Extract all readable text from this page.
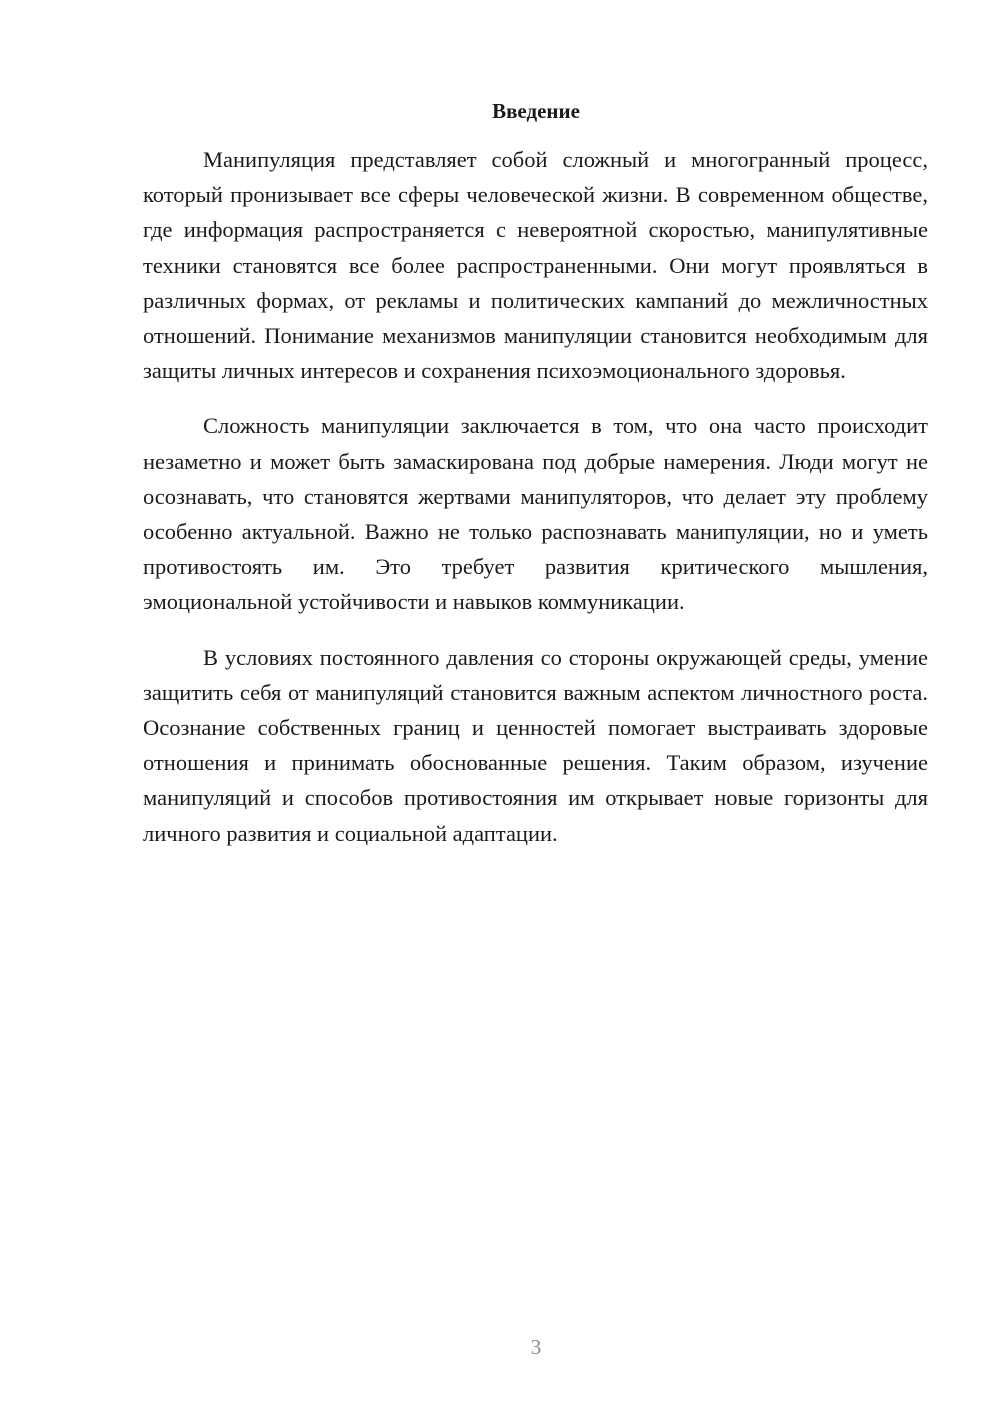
Введение

Манипуляция представляет собой сложный и многогранный процесс, который пронизывает все сферы человеческой жизни. В современном обществе, где информация распространяется с невероятной скоростью, манипулятивные техники становятся все более распространенными. Они могут проявляться в различных формах, от рекламы и политических кампаний до межличностных отношений. Понимание механизмов манипуляции становится необходимым для защиты личных интересов и сохранения психоэмоционального здоровья.

Сложность манипуляции заключается в том, что она часто происходит незаметно и может быть замаскирована под добрые намерения. Люди могут не осознавать, что становятся жертвами манипуляторов, что делает эту проблему особенно актуальной. Важно не только распознавать манипуляции, но и уметь противостоять им. Это требует развития критического мышления, эмоциональной устойчивости и навыков коммуникации.

В условиях постоянного давления со стороны окружающей среды, умение защитить себя от манипуляций становится важным аспектом личностного роста. Осознание собственных границ и ценностей помогает выстраивать здоровые отношения и принимать обоснованные решения. Таким образом, изучение манипуляций и способов противостояния им открывает новые горизонты для личного развития и социальной адаптации.

3
